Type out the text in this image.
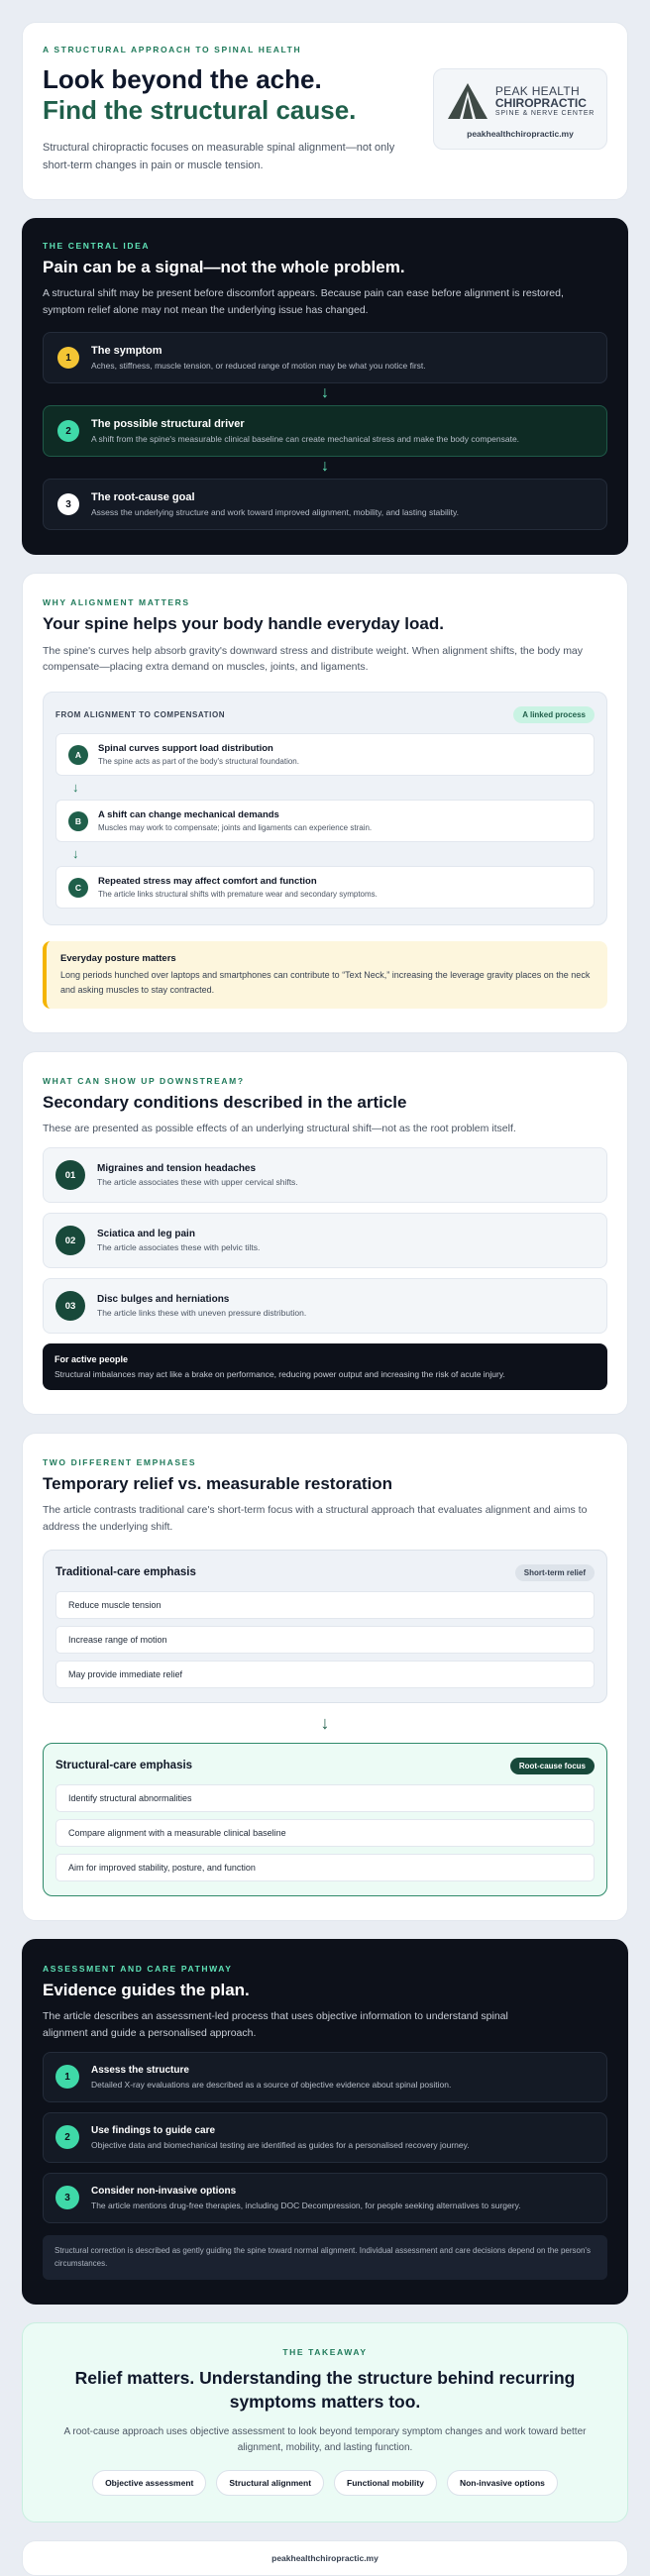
A STRUCTURAL APPROACH TO SPINAL HEALTH
Look beyond the ache.
Find the structural cause.

Structural chiropractic focuses on measurable spinal alignment—not only short-term changes in pain or muscle tension.

PEAK HEALTH
CHIROPRACTIC
SPINE & NERVE CENTER
peakhealthchiropractic.my
THE CENTRAL IDEA
Pain can be a signal—not the whole problem.

A structural shift may be present before discomfort appears. Because pain can ease before alignment is restored, symptom relief alone may not mean the underlying issue has changed.

1
The symptom
Aches, stiffness, muscle tension, or reduced range of motion may be what you notice first.
↓
2
The possible structural driver
A shift from the spine's measurable clinical baseline can create mechanical stress and make the body compensate.
↓
3
The root-cause goal
Assess the underlying structure and work toward improved alignment, mobility, and lasting stability.
WHY ALIGNMENT MATTERS
Your spine helps your body handle everyday load.

The spine's curves help absorb gravity's downward stress and distribute weight. When alignment shifts, the body may compensate—placing extra demand on muscles, joints, and ligaments.

FROM ALIGNMENT TO COMPENSATION	A linked process
A
Spinal curves support load distribution
The spine acts as part of the body's structural foundation.
↓
B
A shift can change mechanical demands
Muscles may work to compensate; joints and ligaments can experience strain.
↓
C
Repeated stress may affect comfort and function
The article links structural shifts with premature wear and secondary symptoms.
Everyday posture matters

Long periods hunched over laptops and smartphones can contribute to “Text Neck,” increasing the leverage gravity places on the neck and asking muscles to stay contracted.

WHAT CAN SHOW UP DOWNSTREAM?
Secondary conditions described in the article

These are presented as possible effects of an underlying structural shift—not as the root problem itself.

01
Migraines and tension headaches
The article associates these with upper cervical shifts.
02
Sciatica and leg pain
The article associates these with pelvic tilts.
03
Disc bulges and herniations
The article links these with uneven pressure distribution.
For active people

Structural imbalances may act like a brake on performance, reducing power output and increasing the risk of acute injury.

TWO DIFFERENT EMPHASES
Temporary relief vs. measurable restoration

The article contrasts traditional care's short-term focus with a structural approach that evaluates alignment and aims to address the underlying shift.

Traditional-care emphasis	Short-term relief
Reduce muscle tension
Increase range of motion
May provide immediate relief
↓
Structural-care emphasis	Root-cause focus
Identify structural abnormalities
Compare alignment with a measurable clinical baseline
Aim for improved stability, posture, and function
ASSESSMENT AND CARE PATHWAY
Evidence guides the plan.

The article describes an assessment-led process that uses objective information to understand spinal alignment and guide a personalised approach.

1
Assess the structure
Detailed X-ray evaluations are described as a source of objective evidence about spinal position.
2
Use findings to guide care
Objective data and biomechanical testing are identified as guides for a personalised recovery journey.
3
Consider non-invasive options
The article mentions drug-free therapies, including DOC Decompression, for people seeking alternatives to surgery.

Structural correction is described as gently guiding the spine toward normal alignment. Individual assessment and care decisions depend on the person's circumstances.

THE TAKEAWAY
Relief matters. Understanding the structure behind recurring symptoms matters too.

A root-cause approach uses objective assessment to look beyond temporary symptom changes and work toward better alignment, mobility, and lasting function.

Objective assessment	Structural alignment	Functional mobility	Non-invasive options
peakhealthchiropractic.my
